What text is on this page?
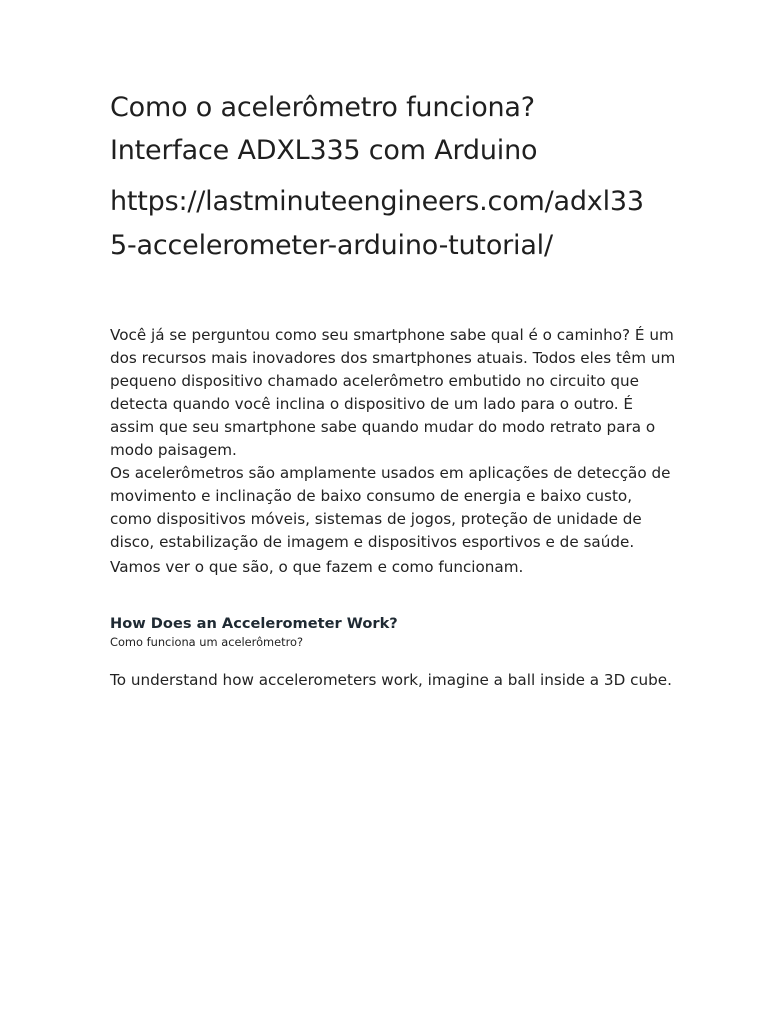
Como o acelerômetro funciona?
Interface ADXL335 com Arduino
https://lastminuteengineers.com/adxl33
5-accelerometer-arduino-tutorial/

Você já se perguntou como seu smartphone sabe qual é o caminho? É um
dos recursos mais inovadores dos smartphones atuais. Todos eles têm um
pequeno dispositivo chamado acelerômetro embutido no circuito que
detecta quando você inclina o dispositivo de um lado para o outro. É
assim que seu smartphone sabe quando mudar do modo retrato para o
modo paisagem.

Os acelerômetros são amplamente usados em aplicações de detecção de
movimento e inclinação de baixo consumo de energia e baixo custo,
como dispositivos móveis, sistemas de jogos, proteção de unidade de
disco, estabilização de imagem e dispositivos esportivos e de saúde.

Vamos ver o que são, o que fazem e como funcionam.

How Does an Accelerometer Work?

Como funciona um acelerômetro?

To understand how accelerometers work, imagine a ball inside a 3D cube.
